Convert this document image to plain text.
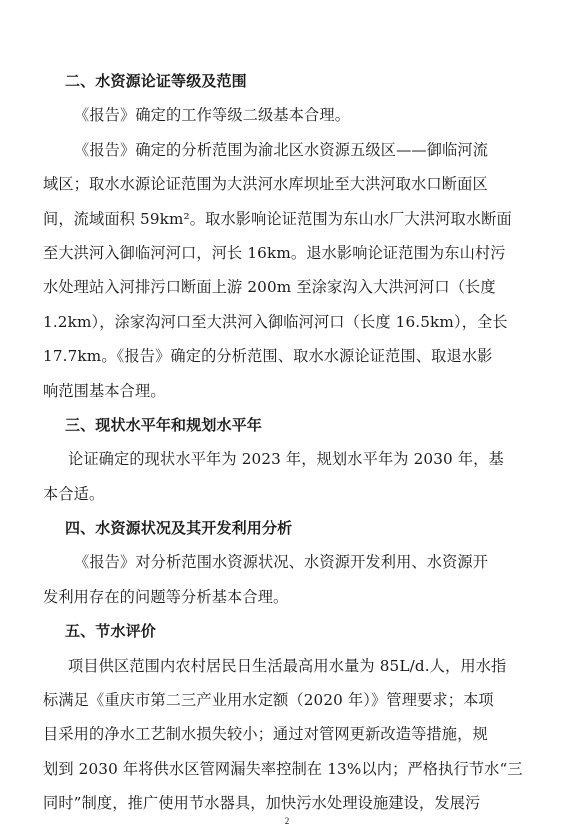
二、水资源论证等级及范围
《报告》确定的工作等级二级基本合理。
《报告》确定的分析范围为渝北区水资源五级区——御临河流
域区；取水水源论证范围为大洪河水库坝址至大洪河取水口断面区
间，流域面积 59km²。取水影响论证范围为东山水厂大洪河取水断面
至大洪河入御临河河口，河长 16km。退水影响论证范围为东山村污
水处理站入河排污口断面上游 200m 至涂家沟入大洪河河口（长度
1.2km），涂家沟河口至大洪河入御临河河口（长度 16.5km），全长
17.7km。《报告》确定的分析范围、取水水源论证范围、取退水影
响范围基本合理。
三、现状水平年和规划水平年
论证确定的现状水平年为 2023 年，规划水平年为 2030 年，基
本合适。
四、水资源状况及其开发利用分析
《报告》对分析范围水资源状况、水资源开发利用、水资源开
发利用存在的问题等分析基本合理。
五、节水评价
项目供区范围内农村居民日生活最高用水量为 85L/d.人，用水指
标满足《重庆市第二三产业用水定额（2020 年）》管理要求；本项
目采用的净水工艺制水损失较小；通过对管网更新改造等措施，规
划到 2030 年将供水区管网漏失率控制在 13%以内；严格执行节水“三
同时”制度，推广使用节水器具，加快污水处理设施建设，发展污
2
